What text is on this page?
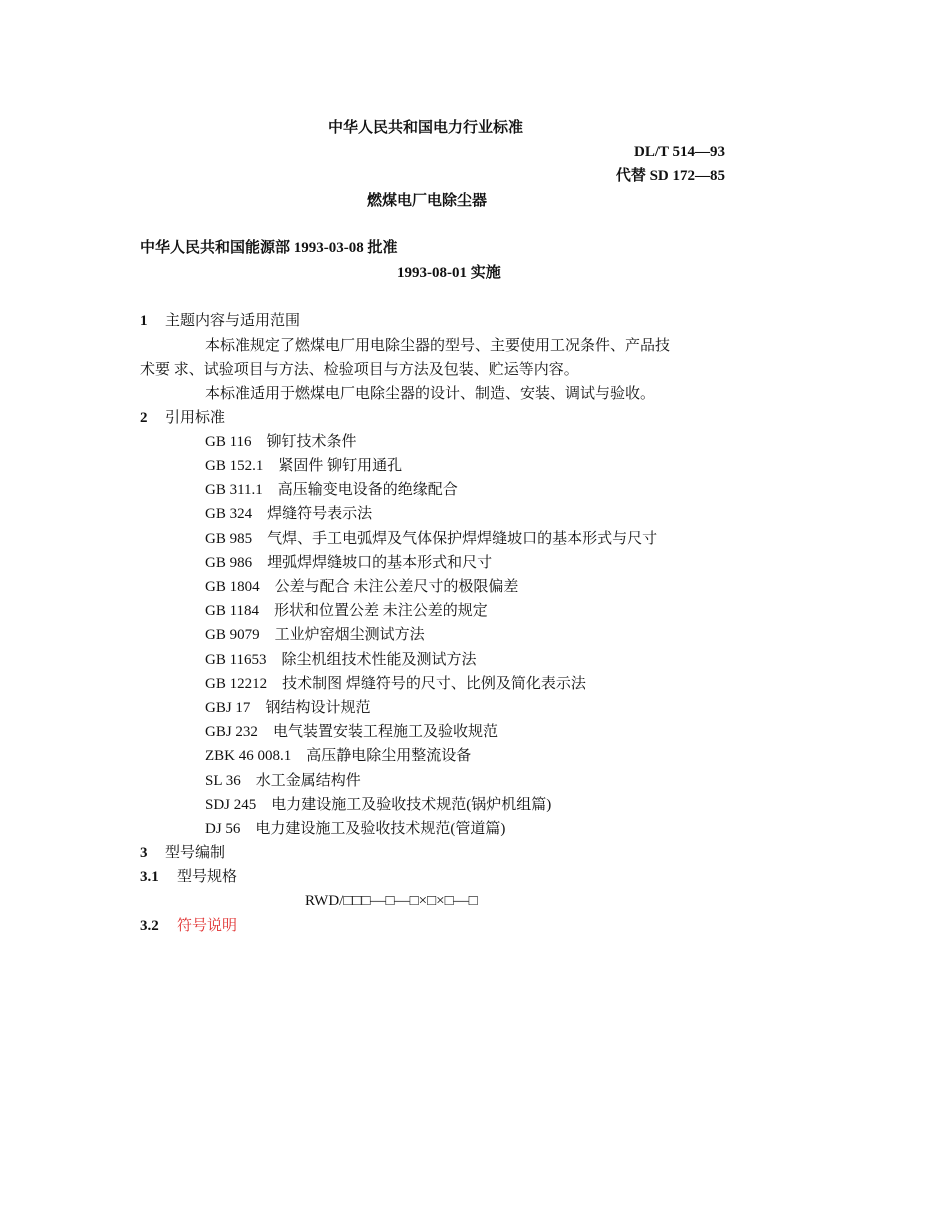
中华人民共和国电力行业标准
DL/T 514—93
代替 SD 172—85
燃煤电厂电除尘器
中华人民共和国能源部 1993-03-08 批准
1993-08-01 实施
1 主题内容与适用范围
本标准规定了燃煤电厂用电除尘器的型号、主要使用工况条件、产品技
术要 求、试验项目与方法、检验项目与方法及包装、贮运等内容。
本标准适用于燃煤电厂电除尘器的设计、制造、安装、调试与验收。
2 引用标准
GB 116 铆钉技术条件
GB 152.1 紧固件 铆钉用通孔
GB 311.1 高压输变电设备的绝缘配合
GB 324 焊缝符号表示法
GB 985 气焊、手工电弧焊及气体保护焊焊缝坡口的基本形式与尺寸
GB 986 埋弧焊焊缝坡口的基本形式和尺寸
GB 1804 公差与配合 未注公差尺寸的极限偏差
GB 1184 形状和位置公差 未注公差的规定
GB 9079 工业炉窑烟尘测试方法
GB 11653 除尘机组技术性能及测试方法
GB 12212 技术制图 焊缝符号的尺寸、比例及简化表示法
GBJ 17 钢结构设计规范
GBJ 232 电气装置安装工程施工及验收规范
ZBK 46 008.1 高压静电除尘用整流设备
SL 36 水工金属结构件
SDJ 245 电力建设施工及验收技术规范(锅炉机组篇)
DJ 56 电力建设施工及验收技术规范(管道篇)
3 型号编制
3.1 型号规格
RWD/□□□—□—□×□×□—□
3.2 符号说明
